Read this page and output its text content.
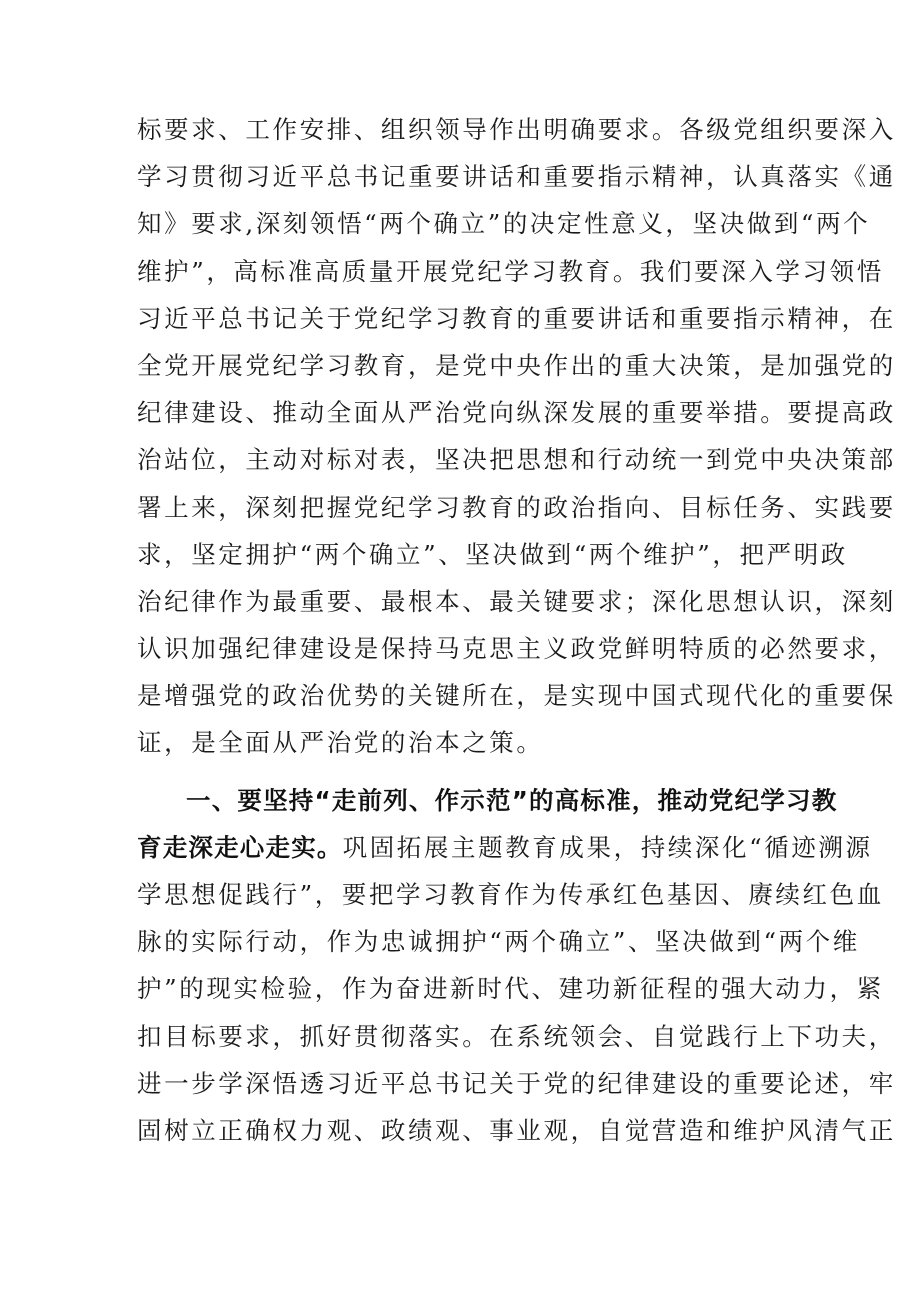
标要求、工作安排、组织领导作出明确要求。各级党组织要深入
学习贯彻习近平总书记重要讲话和重要指示精神，认真落实《通
知》要求,深刻领悟“两个确立”的决定性意义，坚决做到“两个
维护”，高标准高质量开展党纪学习教育。我们要深入学习领悟
习近平总书记关于党纪学习教育的重要讲话和重要指示精神，在
全党开展党纪学习教育，是党中央作出的重大决策，是加强党的
纪律建设、推动全面从严治党向纵深发展的重要举措。要提高政
治站位，主动对标对表，坚决把思想和行动统一到党中央决策部
署上来，深刻把握党纪学习教育的政治指向、目标任务、实践要
求，坚定拥护“两个确立”、坚决做到“两个维护”，把严明政
治纪律作为最重要、最根本、最关键要求；深化思想认识，深刻
认识加强纪律建设是保持马克思主义政党鲜明特质的必然要求，
是增强党的政治优势的关键所在，是实现中国式现代化的重要保
证，是全面从严治党的治本之策。
一、要坚持“走前列、作示范”的高标准，推动党纪学习教
育走深走心走实。巩固拓展主题教育成果，持续深化“循迹溯源
学思想促践行”，要把学习教育作为传承红色基因、赓续红色血
脉的实际行动，作为忠诚拥护“两个确立”、坚决做到“两个维
护”的现实检验，作为奋进新时代、建功新征程的强大动力，紧
扣目标要求，抓好贯彻落实。在系统领会、自觉践行上下功夫，
进一步学深悟透习近平总书记关于党的纪律建设的重要论述，牢
固树立正确权力观、政绩观、事业观，自觉营造和维护风清气正
